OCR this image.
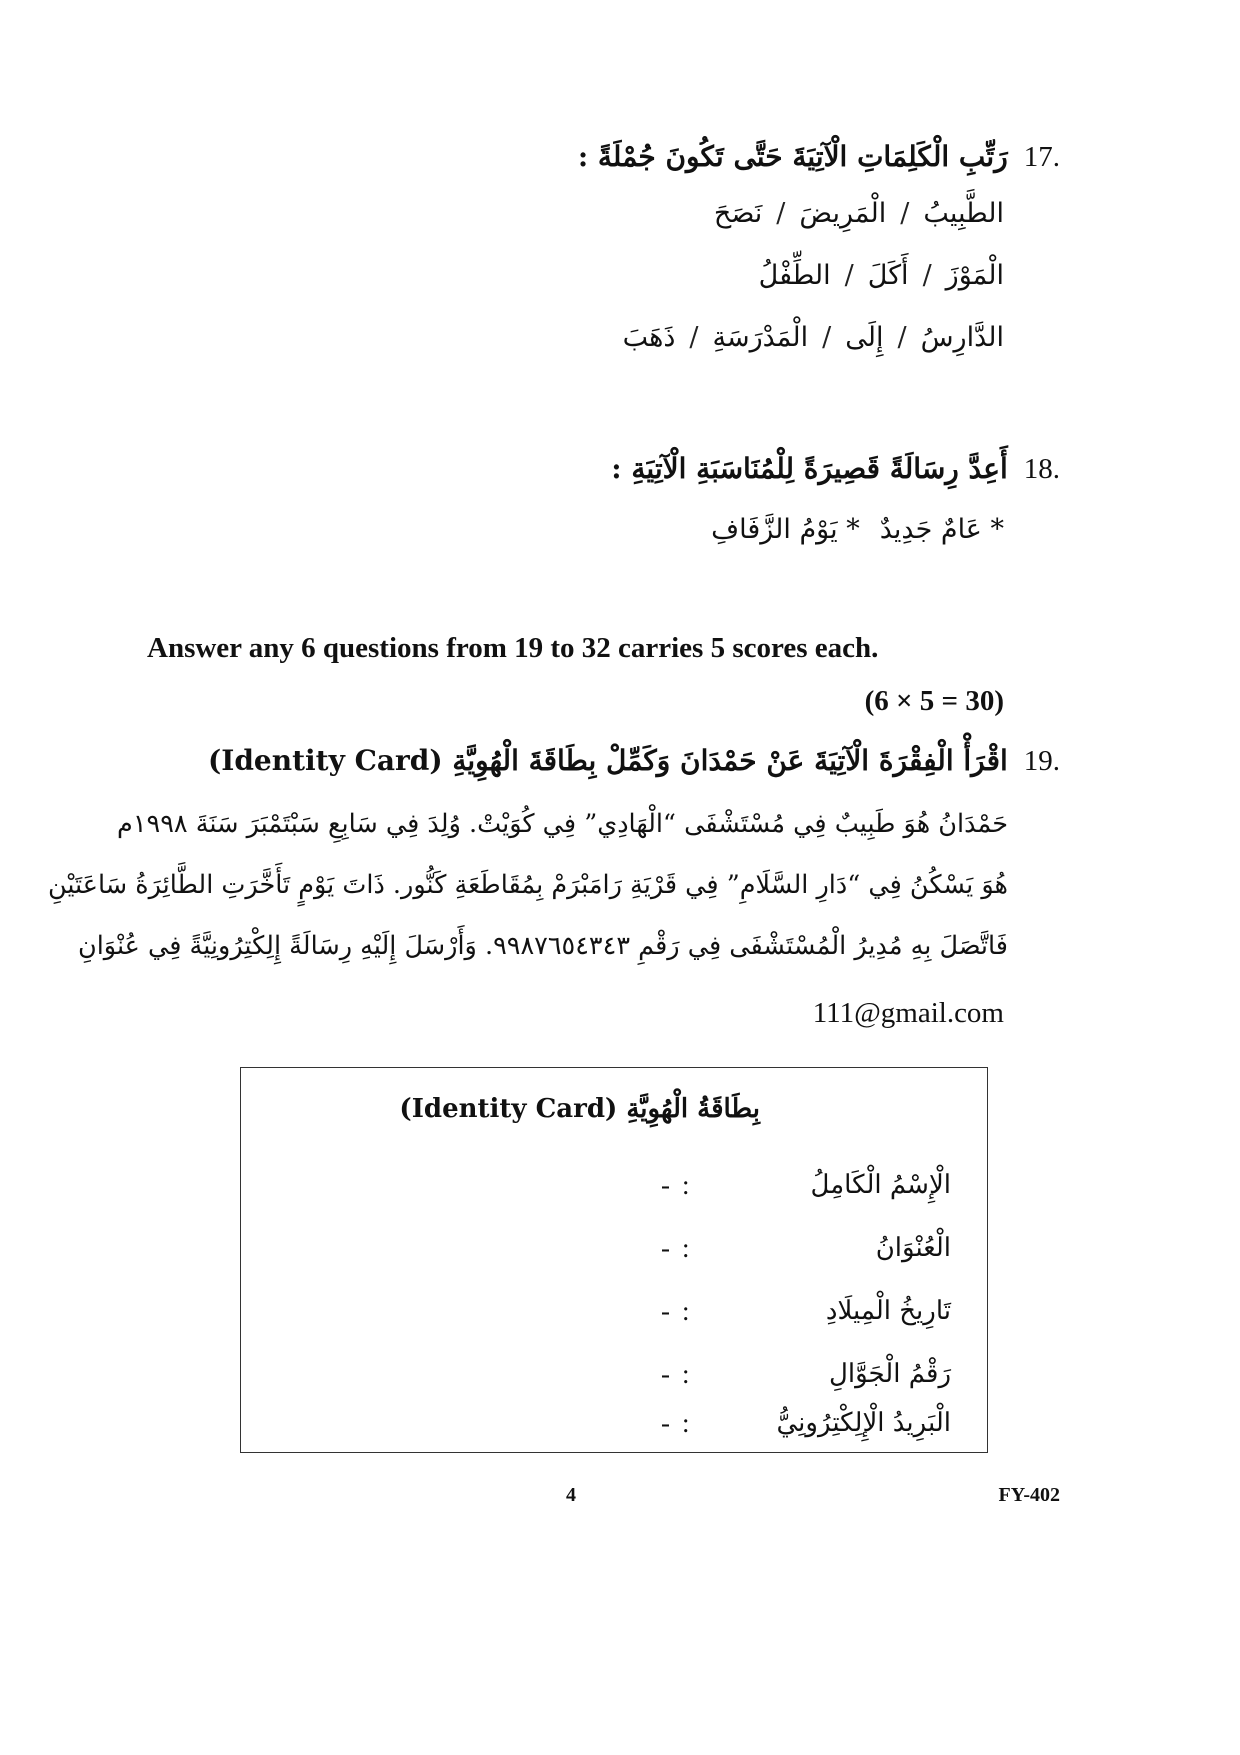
رَتِّبِ الْكَلِمَاتِ الْآتِيَةَ حَتَّى تَكُونَ جُمْلَةً : 17.
الطَّبِيبُ
/
الْمَرِيضَ
/
نَصَحَ
الْمَوْزَ
/
أَكَلَ
/
الطِّفْلُ
الدَّارِسُ
/
إِلَى
/
الْمَدْرَسَةِ
/
ذَهَبَ
أَعِدَّ رِسَالَةً قَصِيرَةً لِلْمُنَاسَبَةِ الْآتِيَةِ : 18.
* عَامٌ جَدِيدٌ
* يَوْمُ الزَّفَافِ
Answer any 6 questions from 19 to 32 carries 5 scores each.
(6 × 5 = 30)
اقْرَأْ الْفِقْرَةَ الْآتِيَةَ عَنْ حَمْدَانَ وَكَمِّلْ بِطَاقَةَ الْهُوِيَّةِ (Identity Card) 19.
حَمْدَانُ هُوَ طَبِيبٌ فِي مُسْتَشْفَى “الْهَادِي” فِي كُوَيْتْ. وُلِدَ فِي سَابِعِ سَبْتَمْبَرَ سَنَةَ ١٩٩٨م
هُوَ يَسْكُنُ فِي “دَارِ السَّلَامِ” فِي قَرْيَةِ رَامَبْرَمْ بِمُقَاطَعَةِ كَنُّور. ذَاتَ يَوْمٍ تَأَخَّرَتِ الطَّائِرَةُ سَاعَتَيْنِ
فَاتَّصَلَ بِهِ مُدِيرُ الْمُسْتَشْفَى فِي رَقْمِ ٩٩٨٧٦٥٤٣٤٣. وَأَرْسَلَ إِلَيْهِ رِسَالَةً إِلِكْتِرُونِيَّةً فِي عُنْوَانِ
111@gmail.com
بِطَاقَةُ الْهُوِيَّةِ (Identity Card)
الْإِسْمُ الْكَامِلُ
:-
الْعُنْوَانُ
:-
تَارِيخُ الْمِيلَادِ
:-
رَقْمُ الْجَوَّالِ
:-
الْبَرِيدُ الْإِلِكْتِرُونِيُّ
:-
4	FY-402
